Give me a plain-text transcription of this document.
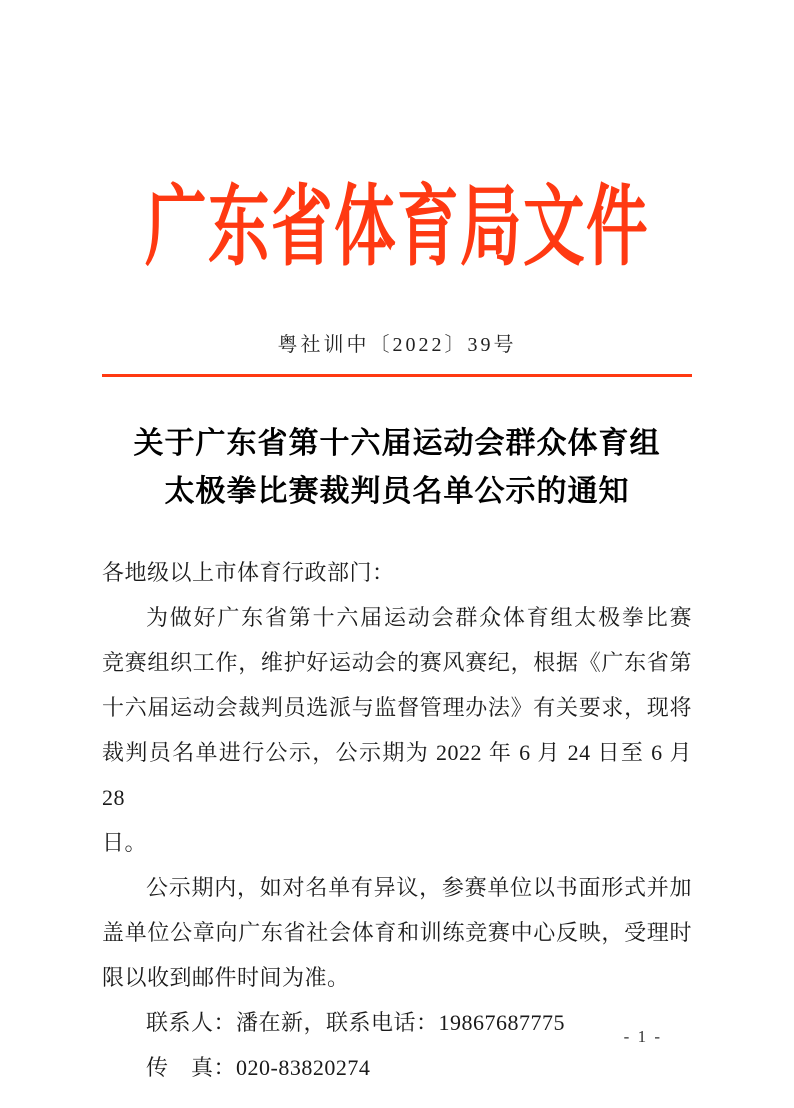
广东省体育局文件
粤社训中〔2022〕39号
关于广东省第十六届运动会群众体育组
太极拳比赛裁判员名单公示的通知
各地级以上市体育行政部门：
为做好广东省第十六届运动会群众体育组太极拳比赛
竞赛组织工作，维护好运动会的赛风赛纪，根据《广东省第
十六届运动会裁判员选派与监督管理办法》有关要求，现将
裁判员名单进行公示，公示期为 2022 年 6 月 24 日至 6 月 28
日。
公示期内，如对名单有异议，参赛单位以书面形式并加
盖单位公章向广东省社会体育和训练竞赛中心反映，受理时
限以收到邮件时间为准。
联系人：潘在新，联系电话：19867687775
传　真：020-83820274
- 1 -
